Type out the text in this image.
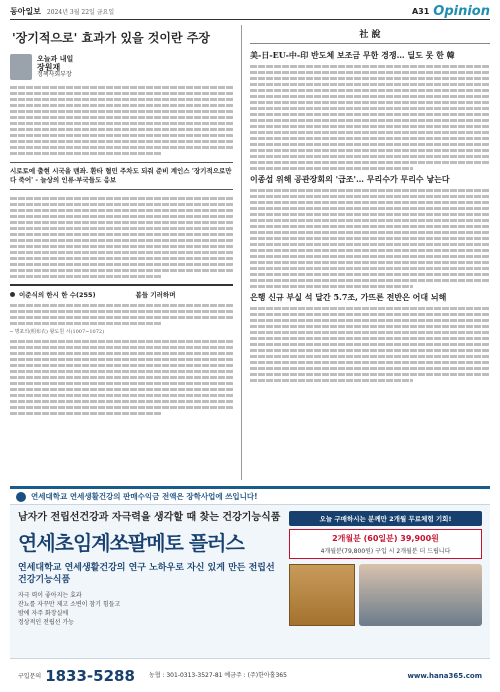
동아일보 2024년 3월 22일 금요일	A31 Opinion
'장기적으로' 효과가 있을 것이란 주장
오늘과 내일
장원재
정책사회부장

시로토에 출현 시국을 맨좌. 환타 혈민 주차도 되줘 준비 계인스 '장기적으로만 다 죽어' - 늘상의 인류·부국들도 응보

이준식의 한시 한 수 (255)	봄들 기러하며

─ 명포의(明布衣) 왕도원 시(1007~1072)

社 說
美-日-EU-中-印 반도체 보조금 무한 경쟁… 딜도 못 한 韓

이종섭 위해 공관장회의 '급조'… 무리수가 무리수 낳는다

은행 신규 부실 석 달간 5.7조, 가뜨론 전반은 어대 뇌해

연세대학교 연세생활건강의 판매수익금 전액은 장학사업에 쓰입니다!
남자가 전립선건강과 자극력을 생각할 때 찾는 건강기능식품
연세초임계쏘팔메토 플러스
연세대학교 연세생활건강의 연구 노하우로 자신 있게 만든 전립선건강기능식품
자극 력이 좋아지는 효과
잔뇨를 자꾸만 제고 소변이 참기 힘들고
밤에 자주 화장실에
정상적인 전립선 가능
오늘 구매하시는 분께만 2개월 무료체험 기회!
2개월분 (60일분) 39,900원
4개월분(79,800원) 구입 시 2개월분 더 드립니다
구입문의 1833-5288 농협 : 301-0313-3527-81 예금주 : (주)한아홀365	www.hana365.com
